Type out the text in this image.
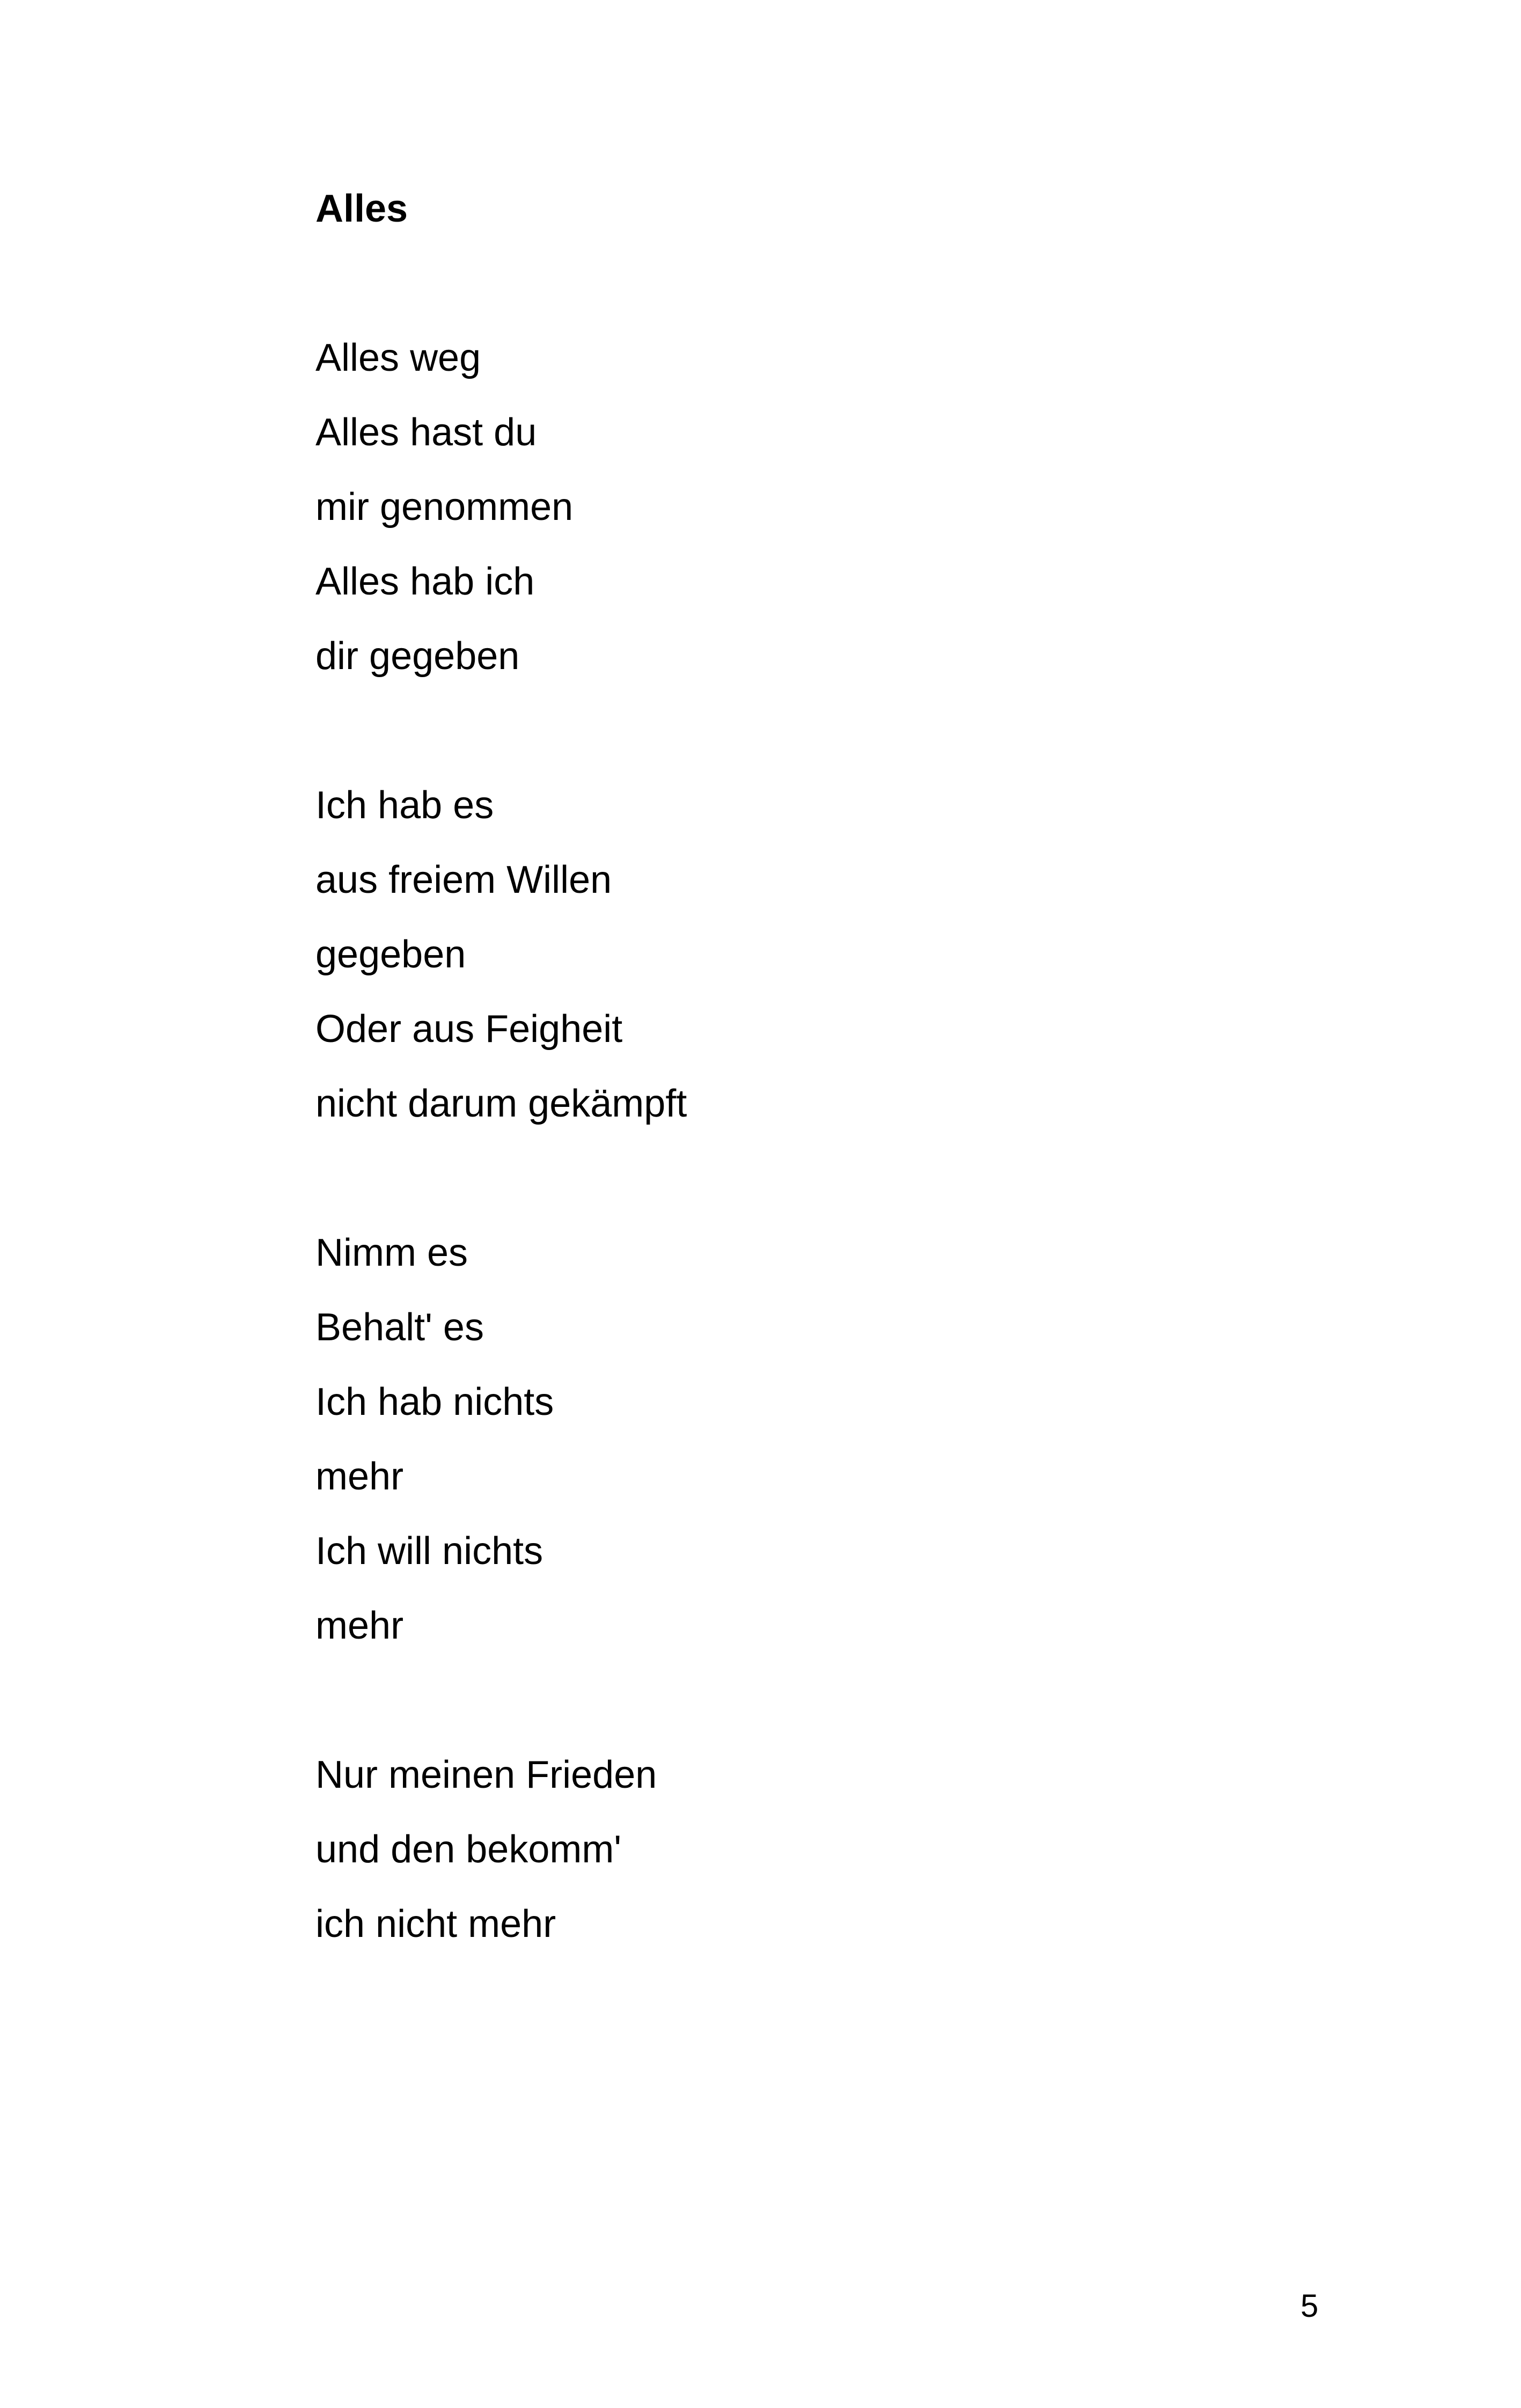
Alles
Alles weg
Alles hast du
mir genommen
Alles hab ich
dir gegeben
Ich hab es
aus freiem Willen
gegeben
Oder aus Feigheit
nicht darum gekämpft
Nimm es
Behalt' es
Ich hab nichts
mehr
Ich will nichts
mehr
Nur meinen Frieden
und den bekomm'
ich nicht mehr
5
